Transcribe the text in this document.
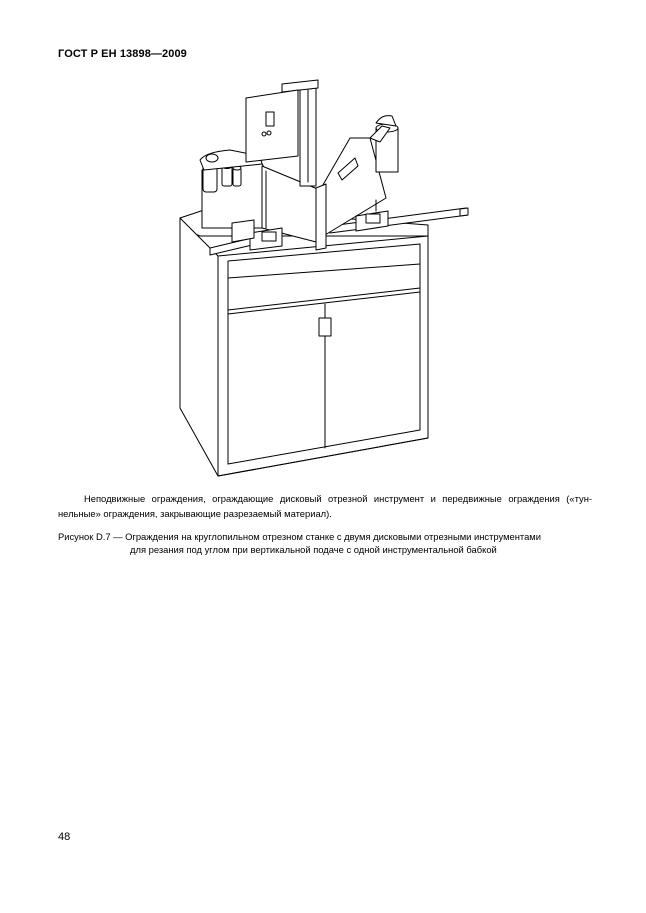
ГОСТ Р ЕН 13898—2009
Неподвижные ограждения, ограждающие дисковый отрезной инструмент и передвижные ограждения («тун-нельные» ограждения, закрывающие разрезаемый материал).
Рисунок D.7 — Ограждения на круглопильном отрезном станке с двумя дисковыми отрезными инструментами
для резания под углом при вертикальной подаче с одной инструментальной бабкой
48
